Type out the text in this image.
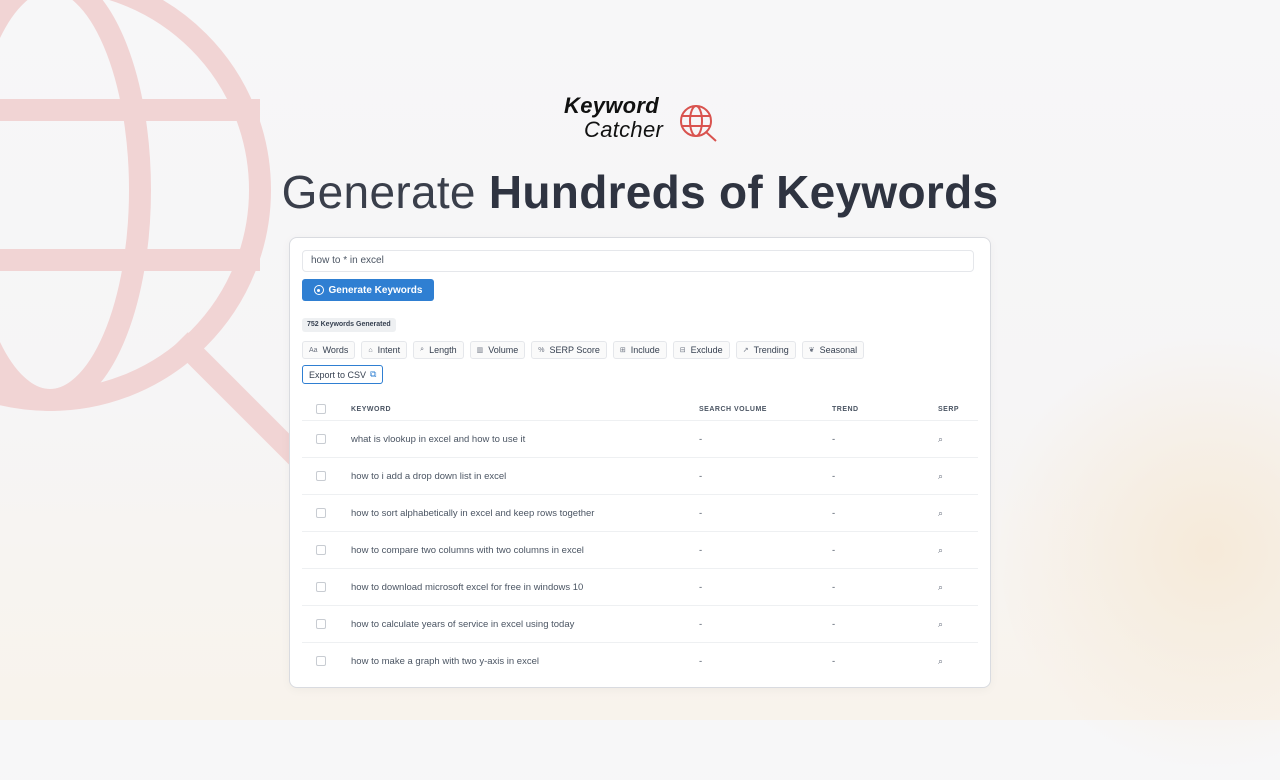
Keyword
Catcher
Generate Hundreds of Keywords
how to * in excel
Generate Keywords
752 Keywords Generated
Aa Words	⌂ Intent	⌕ Length	▥ Volume	% SERP Score	⊞ Include	⊟ Exclude	↗ Trending	❦ Seasonal
Export to CSV ⧉
KEYWORD	SEARCH VOLUME	TREND	SERP
what is vlookup in excel and how to use it	-	-	⌕
how to i add a drop down list in excel	-	-	⌕
how to sort alphabetically in excel and keep rows together	-	-	⌕
how to compare two columns with two columns in excel	-	-	⌕
how to download microsoft excel for free in windows 10	-	-	⌕
how to calculate years of service in excel using today	-	-	⌕
how to make a graph with two y-axis in excel	-	-	⌕
